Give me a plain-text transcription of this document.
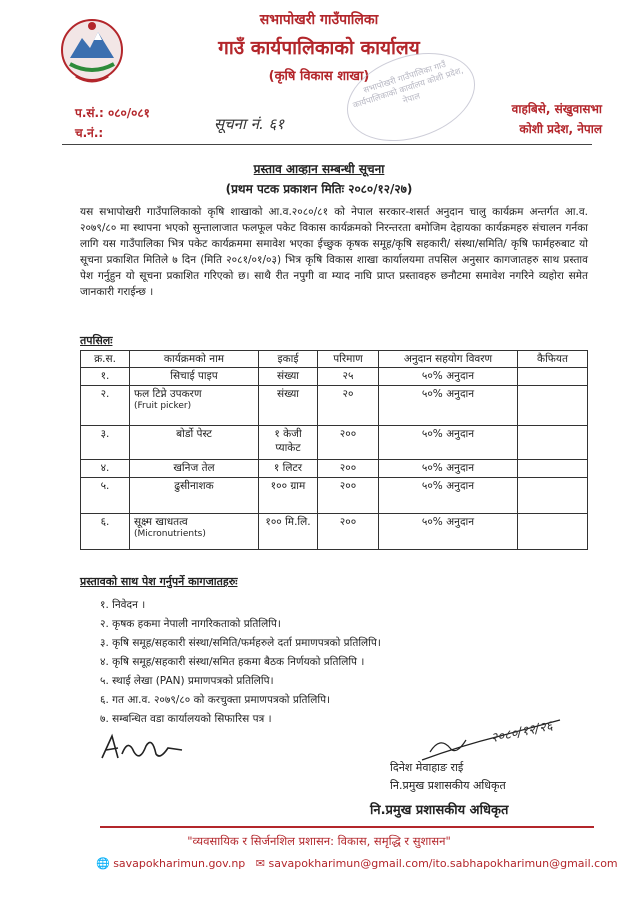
सभापोखरी गाउँपालिका
गाउँ कार्यपालिकाको कार्यालय
(कृषि विकास शाखा)
सभापोखरी गाउँपालिका गाउँ कार्यपालिकाको कार्यालय कोशी प्रदेश, नेपाल
प.सं.: ०८०/०८१
च.नं.:	सूचना नं. ६१
वाहबिसे, संखुवासभा
कोशी प्रदेश, नेपाल
प्रस्ताव आव्हान सम्बन्धी सूचना
(प्रथम पटक प्रकाशन मितिः २०८०/१२/२७)
यस सभापोखरी गाउँपालिकाको कृषि शाखाको आ.व.२०८०/८१ को नेपाल सरकार-शसर्त अनुदान चालु कार्यक्रम अन्तर्गत आ.व. २०७९/८० मा स्थापना भएको सुन्तालाजात फलफूल पकेट विकास कार्यक्रमको निरन्तरता बमोजिम देहायका कार्यक्रमहरु संचालन गर्नका लागि यस गाउँपालिका भित्र पकेट कार्यक्रममा समावेश भएका ईच्छुक कृषक समूह/कृषि सहकारी/ संस्था/समिति/ कृषि फार्महरुबाट यो सूचना प्रकाशित मितिले ७ दिन (मिति २०८१/०१/०३) भित्र कृषि विकास शाखा कार्यालयमा तपसिल अनुसार कागजातहरु साथ प्रस्ताव पेश गर्नुहुन यो सूचना प्रकाशित गरिएको छ। साथै रीत नपुगी वा म्याद नाघि प्राप्त प्रस्तावहरु छनौटमा समावेश नगरिने व्यहोरा समेत जानकारी गराईन्छ ।
तपसिलः
क्र.स.	कार्यक्रमको नाम	इकाई	परिमाण	अनुदान सहयोग विवरण	कैफियत
१.	सिचाई पाइप	संख्या	२५	५०% अनुदान	
२.	फल टिप्ने उपकरण
(Fruit picker)	संख्या	२०	५०% अनुदान	
३.	बोर्डो पेस्ट	१ केजी प्याकेट	२००	५०% अनुदान	
४.	खनिज तेल	१ लिटर	२००	५०% अनुदान	
५.	ढुसीनाशक	१०० ग्राम	२००	५०% अनुदान	
६.	सूक्ष्म खाधतत्व
(Micronutrients)	१०० मि.लि.	२००	५०% अनुदान	
प्रस्तावको साथ पेश गर्नुपर्ने कागजातहरुः
१. निवेदन ।
२. कृषक हकमा नेपाली नागरिकताको प्रतिलिपि।
३. कृषि समूह/सहकारी संस्था/समिति/फर्महरुले दर्ता प्रमाणपत्रको प्रतिलिपि।
४. कृषि समूह/सहकारी संस्था/समित हकमा बैठक निर्णयको प्रतिलिपि ।
५. स्थाई लेखा (PAN) प्रमाणपत्रको प्रतिलिपि।
६. गत आ.व. २०७९/८० को करचुक्ता प्रमाणपत्रको प्रतिलिपि।
७. सम्बन्धित वडा कार्यालयको सिफारिस पत्र ।	२०८०/१२/२६
दिनेश मेवाहाङ राई
नि.प्रमुख प्रशासकीय अधिकृत
नि.प्रमुख प्रशासकीय अधिकृत
"व्यवसायिक र सिर्जनशिल प्रशासन: विकास, समृद्धि र सुशासन"
🌐 savapokharimun.gov.np ✉ savapokharimun@gmail.com/ito.sabhapokharimun@gmail.com
